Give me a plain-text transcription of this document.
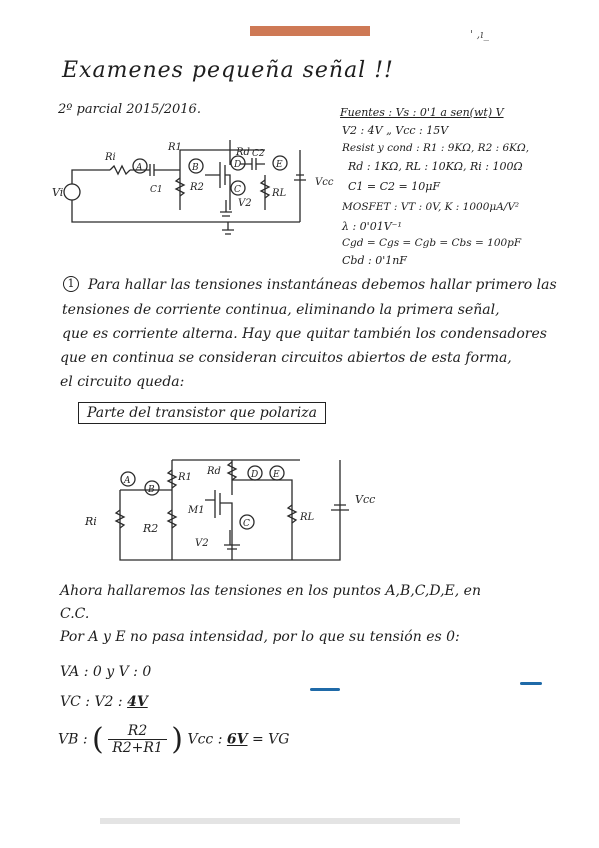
' ‚ı_
Examenes pequeña señal !!
2º parcial 2015/2016.	Fuentes : Vs : 0'1 a sen(wt) V
V2 : 4V „ Vcc : 15V
Resist y cond : R1 : 9KΩ, R2 : 6KΩ,
Rd : 1KΩ, RL : 10KΩ, Ri : 100Ω
C1 = C2 = 10μF
MOSFET : VT : 0V, K : 1000μA/V²
λ : 0'01V⁻¹
Cgd = Cgs = Cgb = Cbs = 100pF
Cbd : 0'1nF
Ri
R1	Rd C2
Vi	C1	R2
RL
V2
Vcc
A	B	D	E
C
1 Para hallar las tensiones instantáneas debemos hallar primero las
tensiones de corriente continua, eliminando la primera señal,
que es corriente alterna. Hay que quitar también los condensadores
que en continua se consideran circuitos abiertos de esta forma,
el circuito queda:
Parte del transistor que polariza
A
B
R1
Rd	D E
Vcc
Ri
M1
R2	C
RL
V2
Ahora hallaremos las tensiones en los puntos A,B,C,D,E, en
C.C.
Por A y E no pasa intensidad, por lo que su tensión es 0:
VA : 0 y V : 0
VC : V2 : 4V
VB : ( $\frac{R2}{R2+R1}$ ) Vcc : 6V = VG
